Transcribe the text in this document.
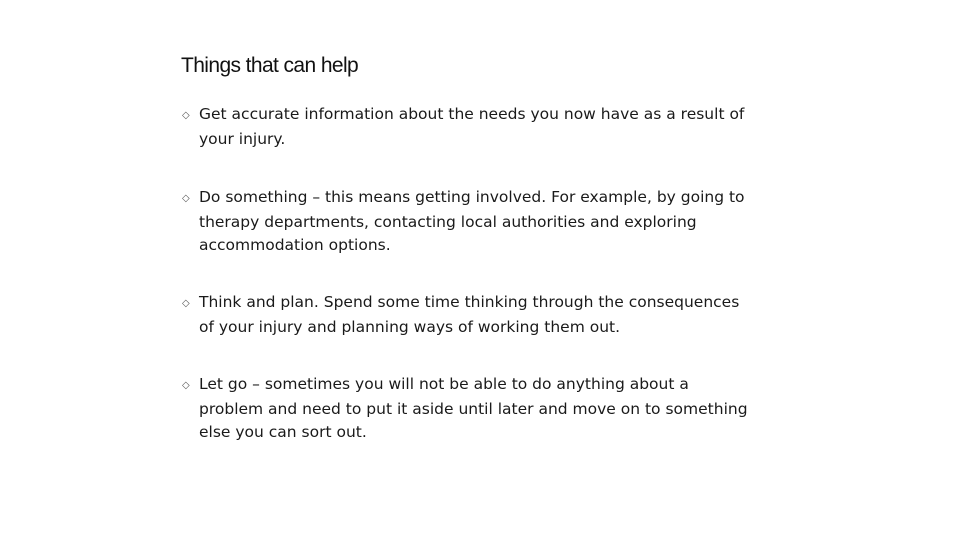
Things that can help
◇ Get accurate information about the needs you now have as a result of
your injury.
◇ Do something – this means getting involved. For example, by going to
therapy departments, contacting local authorities and exploring
accommodation options.
◇ Think and plan. Spend some time thinking through the consequences
of your injury and planning ways of working them out.
◇ Let go – sometimes you will not be able to do anything about a
problem and need to put it aside until later and move on to something
else you can sort out.
